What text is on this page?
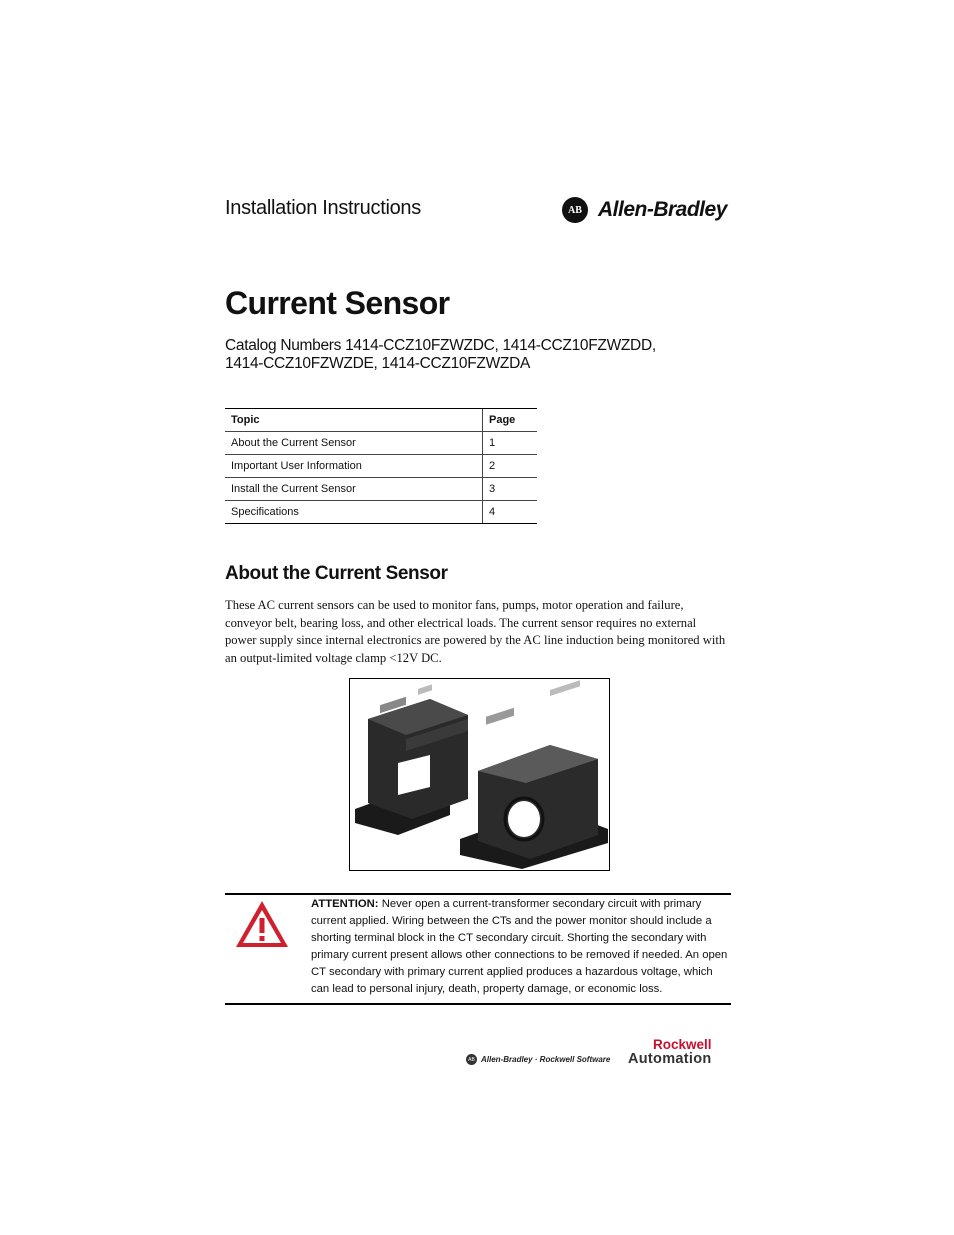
Installation Instructions	AB Allen-Bradley
Current Sensor
Catalog Numbers 1414-CCZ10FZWZDC, 1414-CCZ10FZWZDD,
1414-CCZ10FZWZDE, 1414-CCZ10FZWZDA
Topic	Page
About the Current Sensor	1
Important User Information	2
Install the Current Sensor	3
Specifications	4
About the Current Sensor

These AC current sensors can be used to monitor fans, pumps, motor operation and failure, conveyor belt, bearing loss, and other electrical loads. The current sensor requires no external power supply since internal electronics are powered by the AC line induction being monitored with an output-limited voltage clamp <12V DC.

ATTENTION: Never open a current-transformer secondary circuit with primary current applied. Wiring between the CTs and the power monitor should include a shorting terminal block in the CT secondary circuit. Shorting the secondary with primary current present allows other connections to be removed if needed. An open CT secondary with primary current applied produces a hazardous voltage, which can lead to personal injury, death, property damage, or economic loss.

AB Allen-Bradley · Rockwell Software
Rockwell
Automation
